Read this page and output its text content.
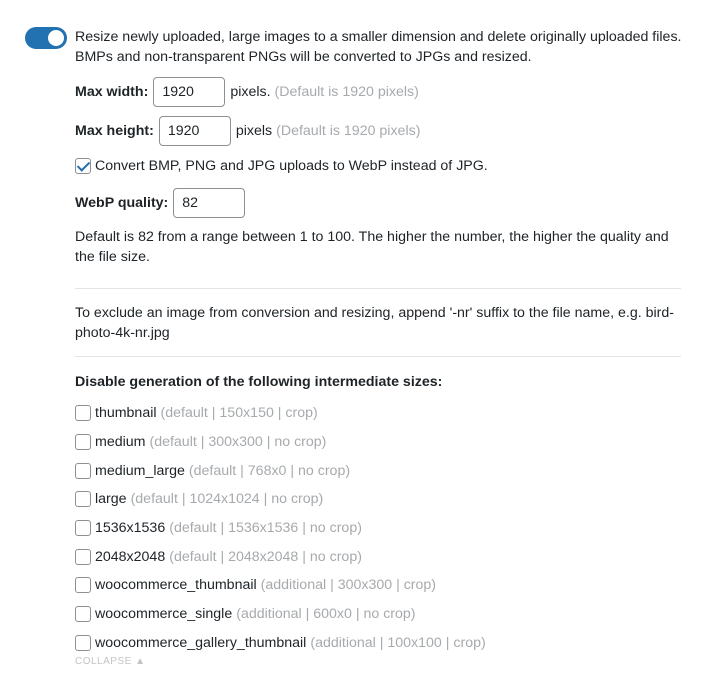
Resize newly uploaded, large images to a smaller dimension and delete originally uploaded files. BMPs and non-transparent PNGs will be converted to JPGs and resized.
Max width:
1920	pixels. (Default is 1920 pixels)
Max height:
1920	pixels (Default is 1920 pixels)
Convert BMP, PNG and JPG uploads to WebP instead of JPG.
WebP quality:
82
Default is 82 from a range between 1 to 100. The higher the number, the higher the quality and the file size.
To exclude an image from conversion and resizing, append '-nr' suffix to the file name, e.g. bird-photo-4k-nr.jpg
Disable generation of the following intermediate sizes:
thumbnail (default | 150x150 | crop)
medium (default | 300x300 | no crop)
medium_large (default | 768x0 | no crop)
large (default | 1024x1024 | no crop)
1536x1536 (default | 1536x1536 | no crop)
2048x2048 (default | 2048x2048 | no crop)
woocommerce_thumbnail (additional | 300x300 | crop)
woocommerce_single (additional | 600x0 | no crop)
woocommerce_gallery_thumbnail (additional | 100x100 | crop)
COLLAPSE ▲
